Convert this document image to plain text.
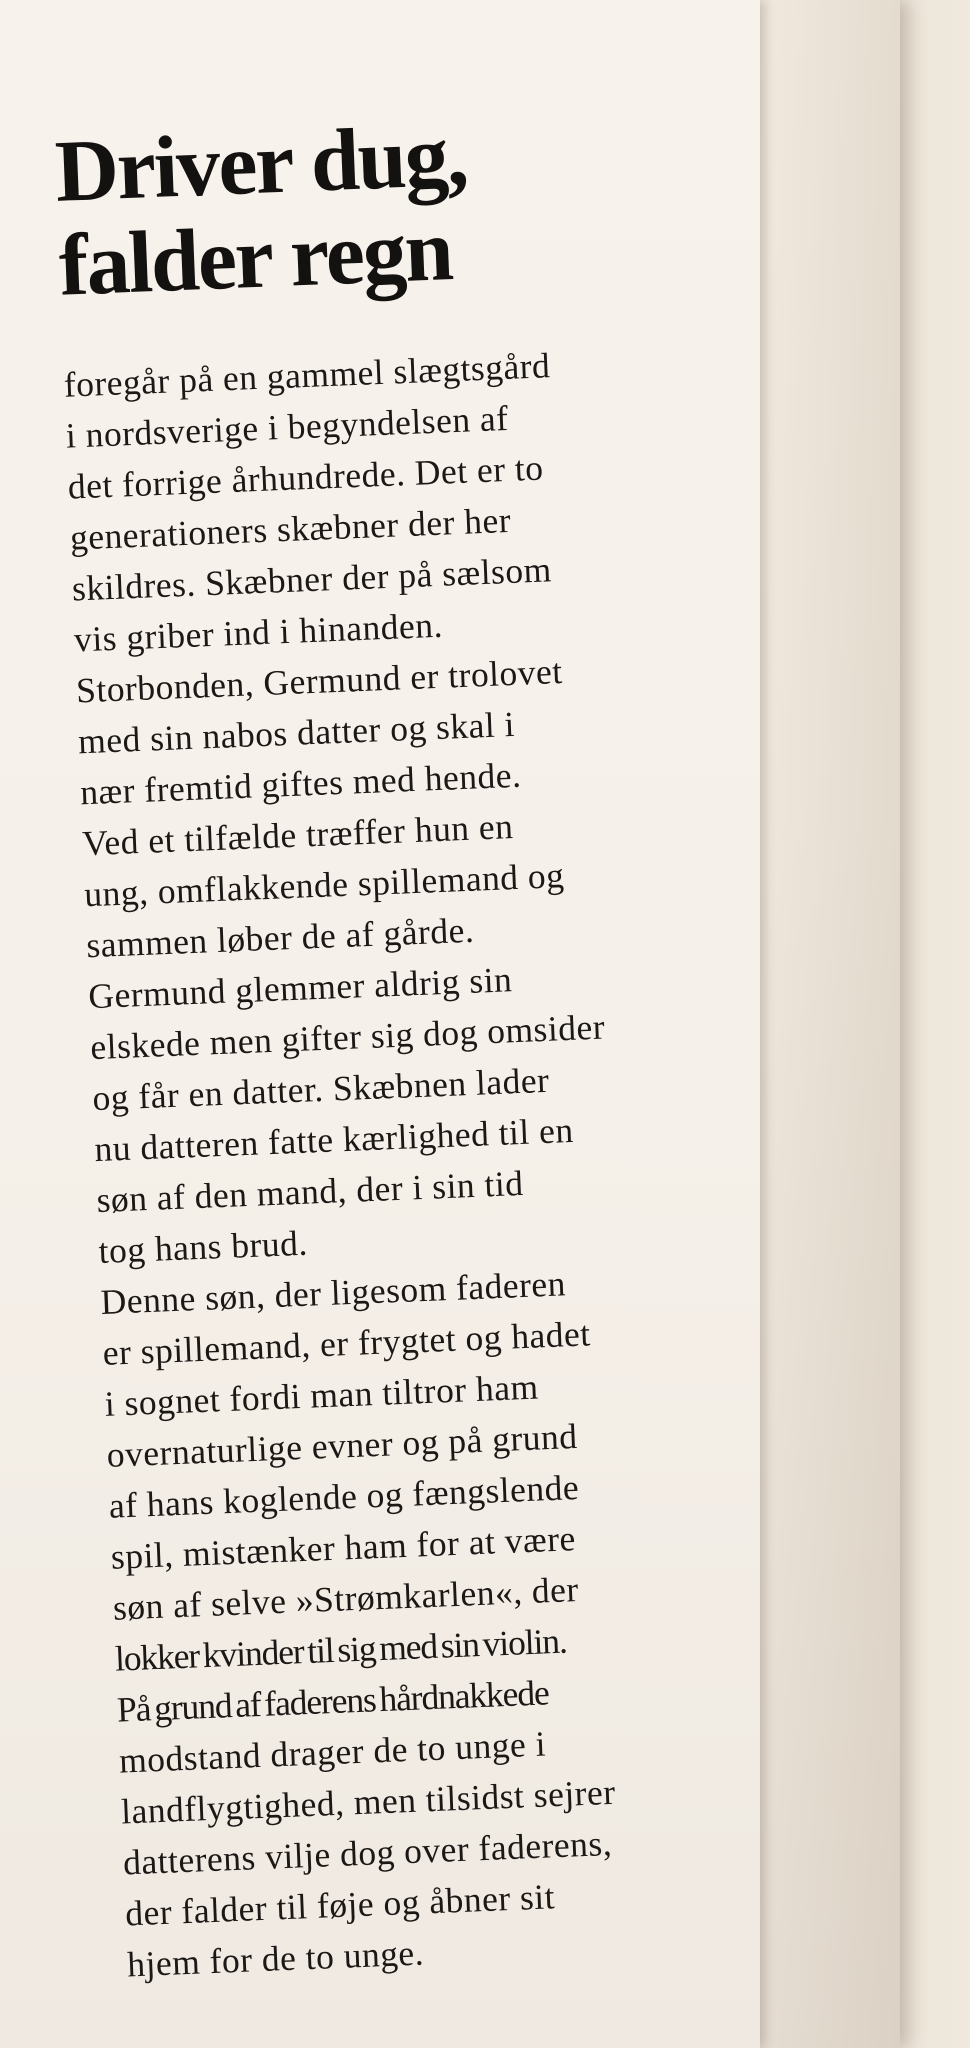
Driver dug,
falder regn
foregår på en gammel slægtsgård
i nordsverige i begyndelsen af
det forrige århundrede. Det er to
generationers skæbner der her
skildres. Skæbner der på sælsom
vis griber ind i hinanden.
Storbonden, Germund er trolovet
med sin nabos datter og skal i
nær fremtid giftes med hende.
Ved et tilfælde træffer hun en
ung, omflakkende spillemand og
sammen løber de af gårde.
Germund glemmer aldrig sin
elskede men gifter sig dog omsider
og får en datter. Skæbnen lader
nu datteren fatte kærlighed til en
søn af den mand, der i sin tid
tog hans brud.
Denne søn, der ligesom faderen
er spillemand, er frygtet og hadet
i sognet fordi man tiltror ham
overnaturlige evner og på grund
af hans koglende og fængslende
spil, mistænker ham for at være
søn af selve »Strømkarlen«, der
lokker kvinder til sig med sin violin.
På grund af faderens hårdnakkede
modstand drager de to unge i
landflygtighed, men tilsidst sejrer
datterens vilje dog over faderens,
der falder til føje og åbner sit
hjem for de to unge.
